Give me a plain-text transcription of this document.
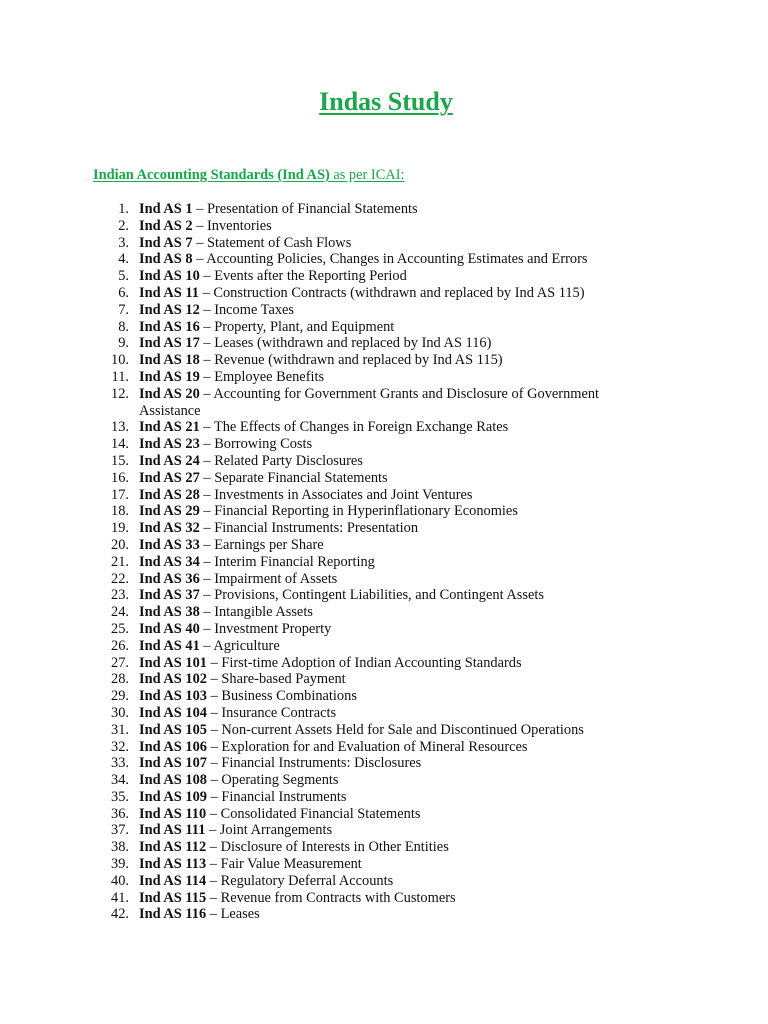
Indas Study

Indian Accounting Standards (Ind AS) as per ICAI:

1. Ind AS 1 – Presentation of Financial Statements
2. Ind AS 2 – Inventories
3. Ind AS 7 – Statement of Cash Flows
4. Ind AS 8 – Accounting Policies, Changes in Accounting Estimates and Errors
5. Ind AS 10 – Events after the Reporting Period
6. Ind AS 11 – Construction Contracts (withdrawn and replaced by Ind AS 115)
7. Ind AS 12 – Income Taxes
8. Ind AS 16 – Property, Plant, and Equipment
9. Ind AS 17 – Leases (withdrawn and replaced by Ind AS 116)
10. Ind AS 18 – Revenue (withdrawn and replaced by Ind AS 115)
11. Ind AS 19 – Employee Benefits
12. Ind AS 20 – Accounting for Government Grants and Disclosure of Government Assistance
13. Ind AS 21 – The Effects of Changes in Foreign Exchange Rates
14. Ind AS 23 – Borrowing Costs
15. Ind AS 24 – Related Party Disclosures
16. Ind AS 27 – Separate Financial Statements
17. Ind AS 28 – Investments in Associates and Joint Ventures
18. Ind AS 29 – Financial Reporting in Hyperinflationary Economies
19. Ind AS 32 – Financial Instruments: Presentation
20. Ind AS 33 – Earnings per Share
21. Ind AS 34 – Interim Financial Reporting
22. Ind AS 36 – Impairment of Assets
23. Ind AS 37 – Provisions, Contingent Liabilities, and Contingent Assets
24. Ind AS 38 – Intangible Assets
25. Ind AS 40 – Investment Property
26. Ind AS 41 – Agriculture
27. Ind AS 101 – First-time Adoption of Indian Accounting Standards
28. Ind AS 102 – Share-based Payment
29. Ind AS 103 – Business Combinations
30. Ind AS 104 – Insurance Contracts
31. Ind AS 105 – Non-current Assets Held for Sale and Discontinued Operations
32. Ind AS 106 – Exploration for and Evaluation of Mineral Resources
33. Ind AS 107 – Financial Instruments: Disclosures
34. Ind AS 108 – Operating Segments
35. Ind AS 109 – Financial Instruments
36. Ind AS 110 – Consolidated Financial Statements
37. Ind AS 111 – Joint Arrangements
38. Ind AS 112 – Disclosure of Interests in Other Entities
39. Ind AS 113 – Fair Value Measurement
40. Ind AS 114 – Regulatory Deferral Accounts
41. Ind AS 115 – Revenue from Contracts with Customers
42. Ind AS 116 – Leases
